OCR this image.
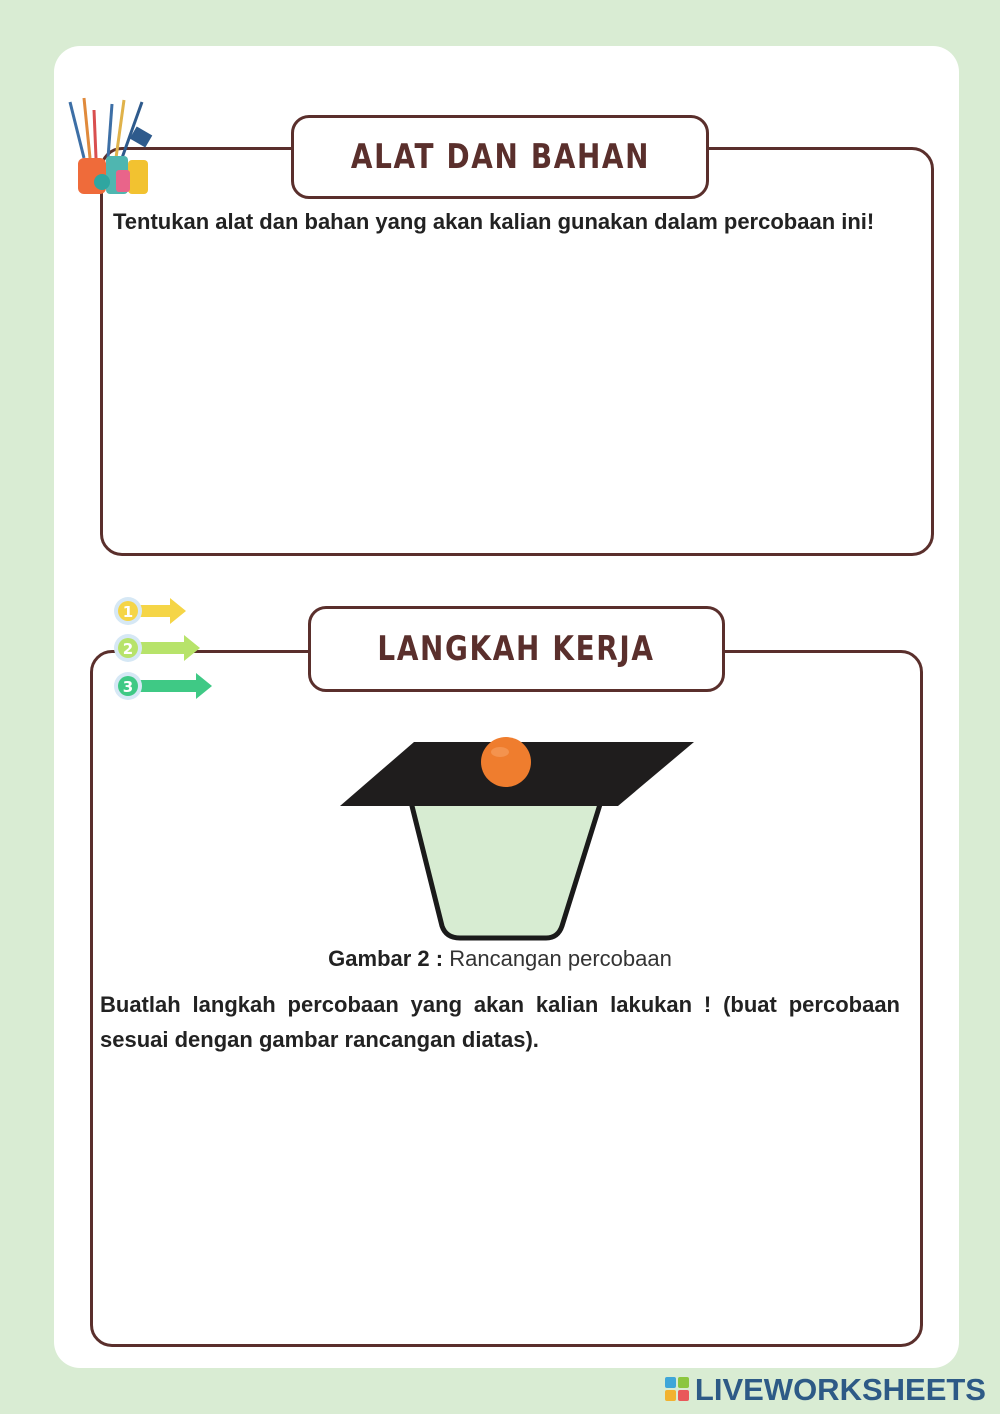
ALAT DAN BAHAN

Tentukan alat dan bahan yang akan kalian gunakan dalam percobaan ini!

1
2
3
LANGKAH KERJA

Gambar 2 : Rancangan percobaan

Buatlah langkah percobaan yang akan kalian lakukan ! (buat percobaan sesuai dengan gambar rancangan diatas).

LIVEWORKSHEETS
